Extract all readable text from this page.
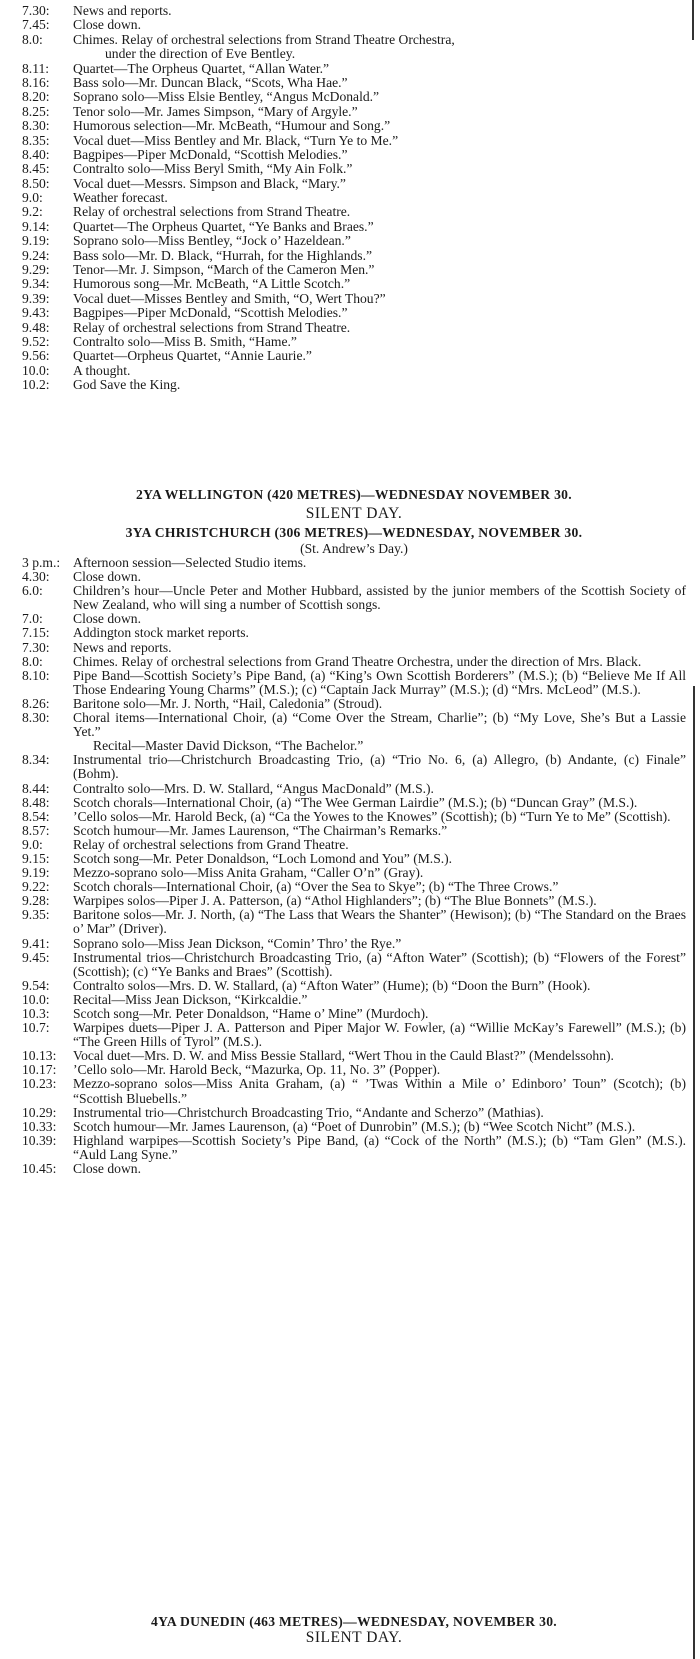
7.30: News and reports.
7.45: Close down.
8.0: Chimes. Relay of orchestral selections from Strand Theatre Orchestra,
under the direction of Eve Bentley.
8.11: Quartet—The Orpheus Quartet, “Allan Water.”
8.16: Bass solo—Mr. Duncan Black, “Scots, Wha Hae.”
8.20: Soprano solo—Miss Elsie Bentley, “Angus McDonald.”
8.25: Tenor solo—Mr. James Simpson, “Mary of Argyle.”
8.30: Humorous selection—Mr. McBeath, “Humour and Song.”
8.35: Vocal duet—Miss Bentley and Mr. Black, “Turn Ye to Me.”
8.40: Bagpipes—Piper McDonald, “Scottish Melodies.”
8.45: Contralto solo—Miss Beryl Smith, “My Ain Folk.”
8.50: Vocal duet—Messrs. Simpson and Black, “Mary.”
9.0: Weather forecast.
9.2: Relay of orchestral selections from Strand Theatre.
9.14: Quartet—The Orpheus Quartet, “Ye Banks and Braes.”
9.19: Soprano solo—Miss Bentley, “Jock o’ Hazeldean.”
9.24: Bass solo—Mr. D. Black, “Hurrah, for the Highlands.”
9.29: Tenor—Mr. J. Simpson, “March of the Cameron Men.”
9.34: Humorous song—Mr. McBeath, “A Little Scotch.”
9.39: Vocal duet—Misses Bentley and Smith, “O, Wert Thou?”
9.43: Bagpipes—Piper McDonald, “Scottish Melodies.”
9.48: Relay of orchestral selections from Strand Theatre.
9.52: Contralto solo—Miss B. Smith, “Hame.”
9.56: Quartet—Orpheus Quartet, “Annie Laurie.”
10.0: A thought.
10.2: God Save the King.
2YA WELLINGTON (420 METRES)—WEDNESDAY NOVEMBER 30.
SILENT DAY.
3YA CHRISTCHURCH (306 METRES)—WEDNESDAY, NOVEMBER 30.
(St. Andrew’s Day.)
3 p.m.: Afternoon session—Selected Studio items.
4.30: Close down.
6.0: Children’s hour—Uncle Peter and Mother Hubbard, assisted by the junior members of the Scottish Society of New Zealand, who will sing a number of Scottish songs.
7.0: Close down.
7.15: Addington stock market reports.
7.30: News and reports.
8.0: Chimes. Relay of orchestral selections from Grand Theatre Orchestra, under the direction of Mrs. Black.
8.10: Pipe Band—Scottish Society’s Pipe Band, (a) “King’s Own Scottish Borderers” (M.S.); (b) “Believe Me If All Those Endearing Young Charms” (M.S.); (c) “Captain Jack Murray” (M.S.); (d) “Mrs. McLeod” (M.S.).
8.26: Baritone solo—Mr. J. North, “Hail, Caledonia” (Stroud).
8.30: Choral items—International Choir, (a) “Come Over the Stream, Charlie”; (b) “My Love, She’s But a Lassie Yet.”
Recital—Master David Dickson, “The Bachelor.”
8.34: Instrumental trio—Christchurch Broadcasting Trio, (a) “Trio No. 6, (a) Allegro, (b) Andante, (c) Finale” (Bohm).
8.44: Contralto solo—Mrs. D. W. Stallard, “Angus MacDonald” (M.S.).
8.48: Scotch chorals—International Choir, (a) “The Wee German Lairdie” (M.S.); (b) “Duncan Gray” (M.S.).
8.54: ’Cello solos—Mr. Harold Beck, (a) “Ca the Yowes to the Knowes” (Scottish); (b) “Turn Ye to Me” (Scottish).
8.57: Scotch humour—Mr. James Laurenson, “The Chairman’s Remarks.”
9.0: Relay of orchestral selections from Grand Theatre.
9.15: Scotch song—Mr. Peter Donaldson, “Loch Lomond and You” (M.S.).
9.19: Mezzo-soprano solo—Miss Anita Graham, “Caller O’n” (Gray).
9.22: Scotch chorals—International Choir, (a) “Over the Sea to Skye”; (b) “The Three Crows.”
9.28: Warpipes solos—Piper J. A. Patterson, (a) “Athol Highlanders”; (b) “The Blue Bonnets” (M.S.).
9.35: Baritone solos—Mr. J. North, (a) “The Lass that Wears the Shanter” (Hewison); (b) “The Standard on the Braes o’ Mar” (Driver).
9.41: Soprano solo—Miss Jean Dickson, “Comin’ Thro’ the Rye.”
9.45: Instrumental trios—Christchurch Broadcasting Trio, (a) “Afton Water” (Scottish); (b) “Flowers of the Forest” (Scottish); (c) “Ye Banks and Braes” (Scottish).
9.54: Contralto solos—Mrs. D. W. Stallard, (a) “Afton Water” (Hume); (b) “Doon the Burn” (Hook).
10.0: Recital—Miss Jean Dickson, “Kirkcaldie.”
10.3: Scotch song—Mr. Peter Donaldson, “Hame o’ Mine” (Murdoch).
10.7: Warpipes duets—Piper J. A. Patterson and Piper Major W. Fowler, (a) “Willie McKay’s Farewell” (M.S.); (b) “The Green Hills of Tyrol” (M.S.).
10.13: Vocal duet—Mrs. D. W. and Miss Bessie Stallard, “Wert Thou in the Cauld Blast?” (Mendelssohn).
10.17: ’Cello solo—Mr. Harold Beck, “Mazurka, Op. 11, No. 3” (Popper).
10.23: Mezzo-soprano solos—Miss Anita Graham, (a) “ ’Twas Within a Mile o’ Edinboro’ Toun” (Scotch); (b) “Scottish Bluebells.”
10.29: Instrumental trio—Christchurch Broadcasting Trio, “Andante and Scherzo” (Mathias).
10.33: Scotch humour—Mr. James Laurenson, (a) “Poet of Dunrobin” (M.S.); (b) “Wee Scotch Nicht” (M.S.).
10.39: Highland warpipes—Scottish Society’s Pipe Band, (a) “Cock of the North” (M.S.); (b) “Tam Glen” (M.S.). “Auld Lang Syne.”
10.45: Close down.
4YA DUNEDIN (463 METRES)—WEDNESDAY, NOVEMBER 30.
SILENT DAY.
